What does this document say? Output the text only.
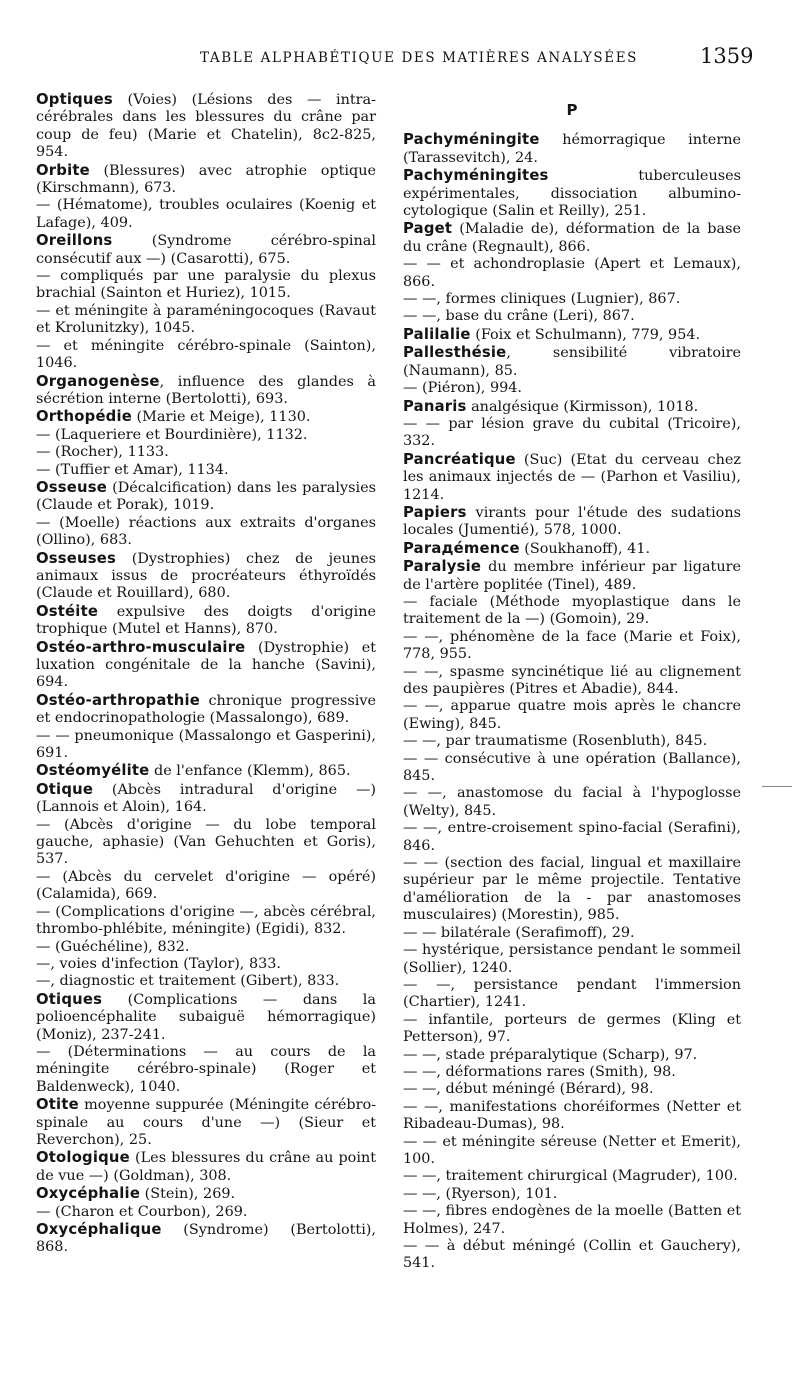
TABLE ALPHABÉTIQUE DES MATIÈRES ANALYSÉES	1359
Optiques (Voies) (Lésions des — intra-cérébrales dans les blessures du crâne par coup de feu) (Marie et Chatelin), 8c2-825, 954.
Orbite (Blessures) avec atrophie optique (Kirschmann), 673.
— (Hématome), troubles oculaires (Koenig et Lafage), 409.
Oreillons (Syndrome cérébro-spinal consécutif aux —) (Casarotti), 675.
— compliqués par une paralysie du plexus brachial (Sainton et Huriez), 1015.
— et méningite à paraméningocoques (Ravaut et Krolunitzky), 1045.
— et méningite cérébro-spinale (Sainton), 1046.
Organogenèse, influence des glandes à sécrétion interne (Bertolotti), 693.
Orthopédie (Marie et Meige), 1130.
— (Laqueriere et Bourdinière), 1132.
— (Rocher), 1133.
— (Tuffier et Amar), 1134.
Osseuse (Décalcification) dans les paralysies (Claude et Porak), 1019.
— (Moelle) réactions aux extraits d'organes (Ollino), 683.
Osseuses (Dystrophies) chez de jeunes animaux issus de procréateurs éthyroïdés (Claude et Rouillard), 680.
Ostéite expulsive des doigts d'origine trophique (Mutel et Hanns), 870.
Ostéo-arthro-musculaire (Dystrophie) et luxation congénitale de la hanche (Savini), 694.
Ostéo-arthropathie chronique progressive et endocrinopathologie (Massalongo), 689.
— — pneumonique (Massalongo et Gasperini), 691.
Ostéomyélite de l'enfance (Klemm), 865.
Otique (Abcès intradural d'origine —) (Lannois et Aloin), 164.
— (Abcès d'origine — du lobe temporal gauche, aphasie) (Van Gehuchten et Goris), 537.
— (Abcès du cervelet d'origine — opéré) (Calamida), 669.
— (Complications d'origine —, abcès cérébral, thrombo-phlébite, méningite) (Egidi), 832.
— (Guéchéline), 832.
—, voies d'infection (Taylor), 833.
—, diagnostic et traitement (Gibert), 833.
Otiques (Complications — dans la polioencéphalite subaiguë hémorragique) (Moniz), 237-241.
— (Déterminations — au cours de la méningite cérébro-spinale) (Roger et Baldenweck), 1040.
Otite moyenne suppurée (Méningite cérébro-spinale au cours d'une —) (Sieur et Reverchon), 25.
Otologique (Les blessures du crâne au point de vue —) (Goldman), 308.
Oxycéphalie (Stein), 269.
— (Charon et Courbon), 269.
Oxycéphalique (Syndrome) (Bertolotti), 868.
P
Pachyméningite hémorragique interne (Tarassevitch), 24.
Pachyméningites tuberculeuses expérimentales, dissociation albumino-cytologique (Salin et Reilly), 251.
Paget (Maladie de), déformation de la base du crâne (Regnault), 866.
— — et achondroplasie (Apert et Lemaux), 866.
— —, formes cliniques (Lugnier), 867.
— —, base du crâne (Leri), 867.
Palilalie (Foix et Schulmann), 779, 954.
Pallesthésie, sensibilité vibratoire (Naumann), 85.
— (Piéron), 994.
Panaris analgésique (Kirmisson), 1018.
— — par lésion grave du cubital (Tricoire), 332.
Pancréatique (Suc) (Etat du cerveau chez les animaux injectés de — (Parhon et Vasiliu), 1214.
Papiers virants pour l'étude des sudations locales (Jumentié), 578, 1000.
Parадémence (Soukhanoff), 41.
Paralysie du membre inférieur par ligature de l'artère poplitée (Tinel), 489.
— faciale (Méthode myoplastique dans le traitement de la —) (Gomoin), 29.
— —, phénomène de la face (Marie et Foix), 778, 955.
— —, spasme syncinétique lié au clignement des paupières (Pitres et Abadie), 844.
— —, apparue quatre mois après le chancre (Ewing), 845.
— —, par traumatisme (Rosenbluth), 845.
— — consécutive à une opération (Ballance), 845.
— —, anastomose du facial à l'hypoglosse (Welty), 845.
— —, entre-croisement spino-facial (Serafini), 846.
— — (section des facial, lingual et maxillaire supérieur par le même projectile. Tentative d'amélioration de la - par anastomoses musculaires) (Morestin), 985.
— — bilatérale (Serafimoff), 29.
— hystérique, persistance pendant le sommeil (Sollier), 1240.
— —, persistance pendant l'immersion (Chartier), 1241.
— infantile, porteurs de germes (Kling et Petterson), 97.
— —, stade préparalytique (Scharp), 97.
— —, déformations rares (Smith), 98.
— —, début méningé (Bérard), 98.
— —, manifestations choréiformes (Netter et Ribadeau-Dumas), 98.
— — et méningite séreuse (Netter et Emerit), 100.
— —, traitement chirurgical (Magruder), 100.
— —, (Ryerson), 101.
— —, fibres endogènes de la moelle (Batten et Holmes), 247.
— — à début méningé (Collin et Gauchery), 541.
